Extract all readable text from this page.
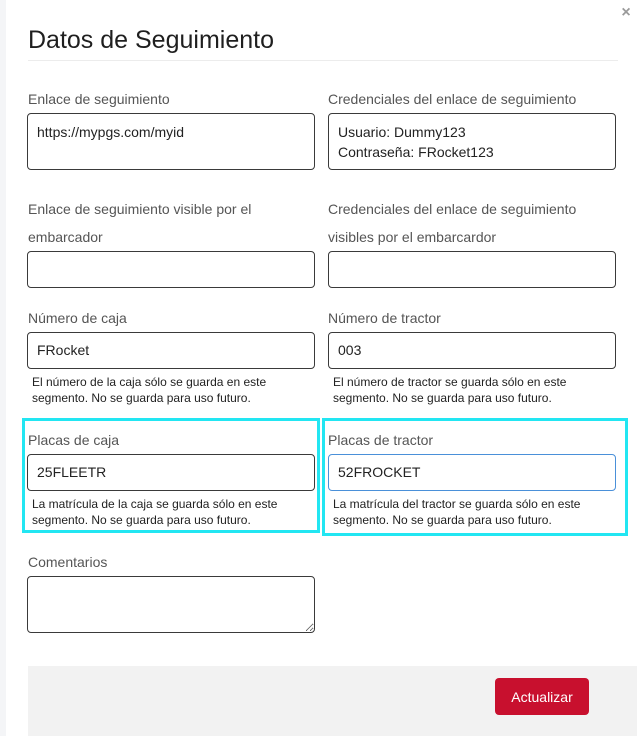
×
Datos de Seguimiento
Enlace de seguimiento
https://mypgs.com/myid	Credenciales del enlace de seguimiento
Usuario: Dummy123 Contraseña: FRocket123
Enlace de seguimiento visible por el
embarcador
Credenciales del enlace de seguimiento
visibles por el embarcardor
Número de caja
FRocket
El número de la caja sólo se guarda en este segmento. No se guarda para uso futuro.
Número de tractor
003
El número de tractor se guarda sólo en este segmento. No se guarda para uso futuro.
Placas de caja
25FLEETR
La matrícula de la caja se guarda sólo en este segmento. No se guarda para uso futuro.
Placas de tractor
52FROCKET
La matrícula del tractor se guarda sólo en este segmento. No se guarda para uso futuro.
Comentarios
Actualizar
